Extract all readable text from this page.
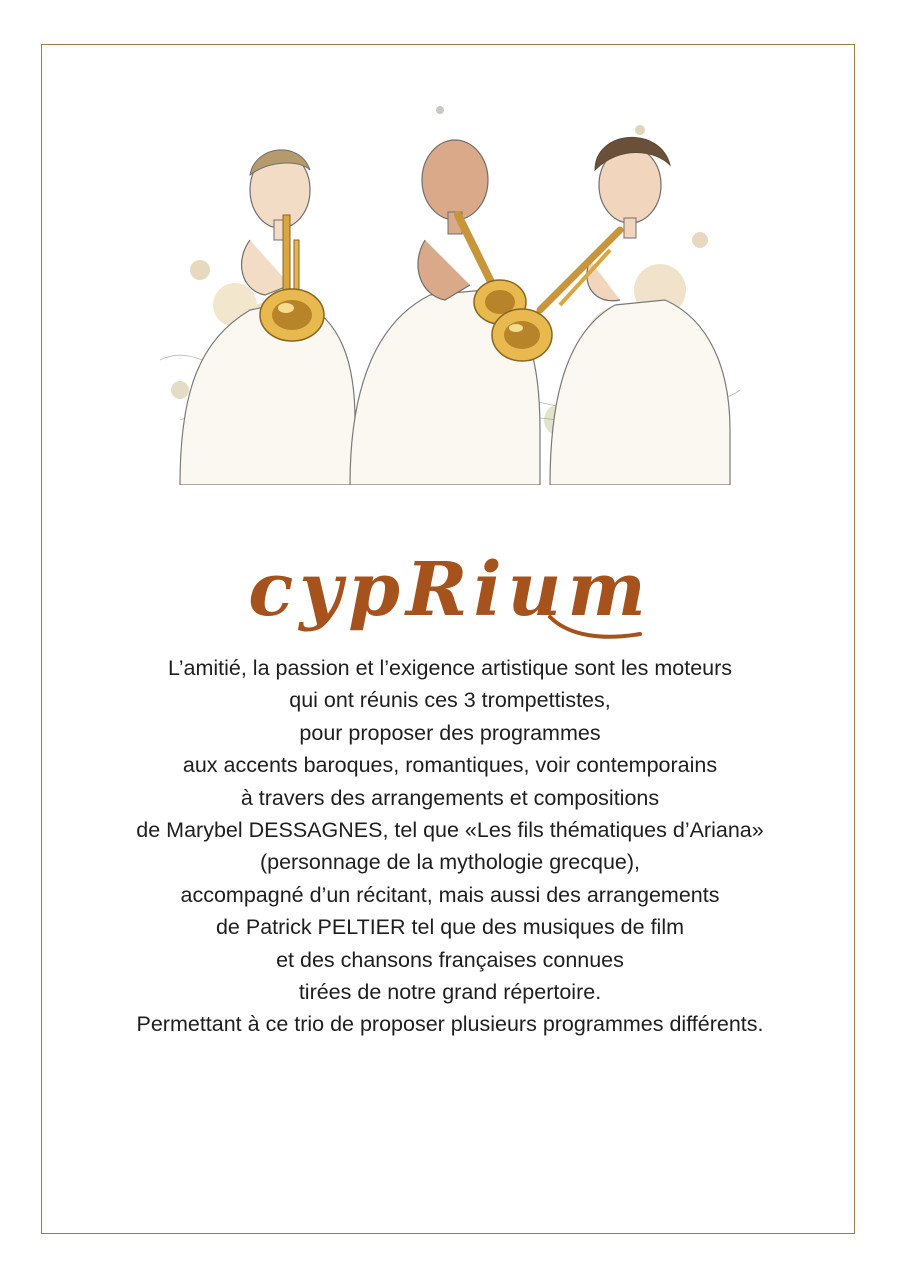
cypRium
L’amitié, la passion et l’exigence artistique sont les moteurs
qui ont réunis ces 3 trompettistes,
pour proposer des programmes
aux accents baroques, romantiques, voir contemporains
à travers des arrangements et compositions
de Marybel DESSAGNES, tel que «Les fils thématiques d’Ariana»
(personnage de la mythologie grecque),
accompagné d’un récitant, mais aussi des arrangements
de Patrick PELTIER tel que des musiques de film
et des chansons françaises connues
tirées de notre grand répertoire.
Permettant à ce trio de proposer plusieurs programmes différents.
